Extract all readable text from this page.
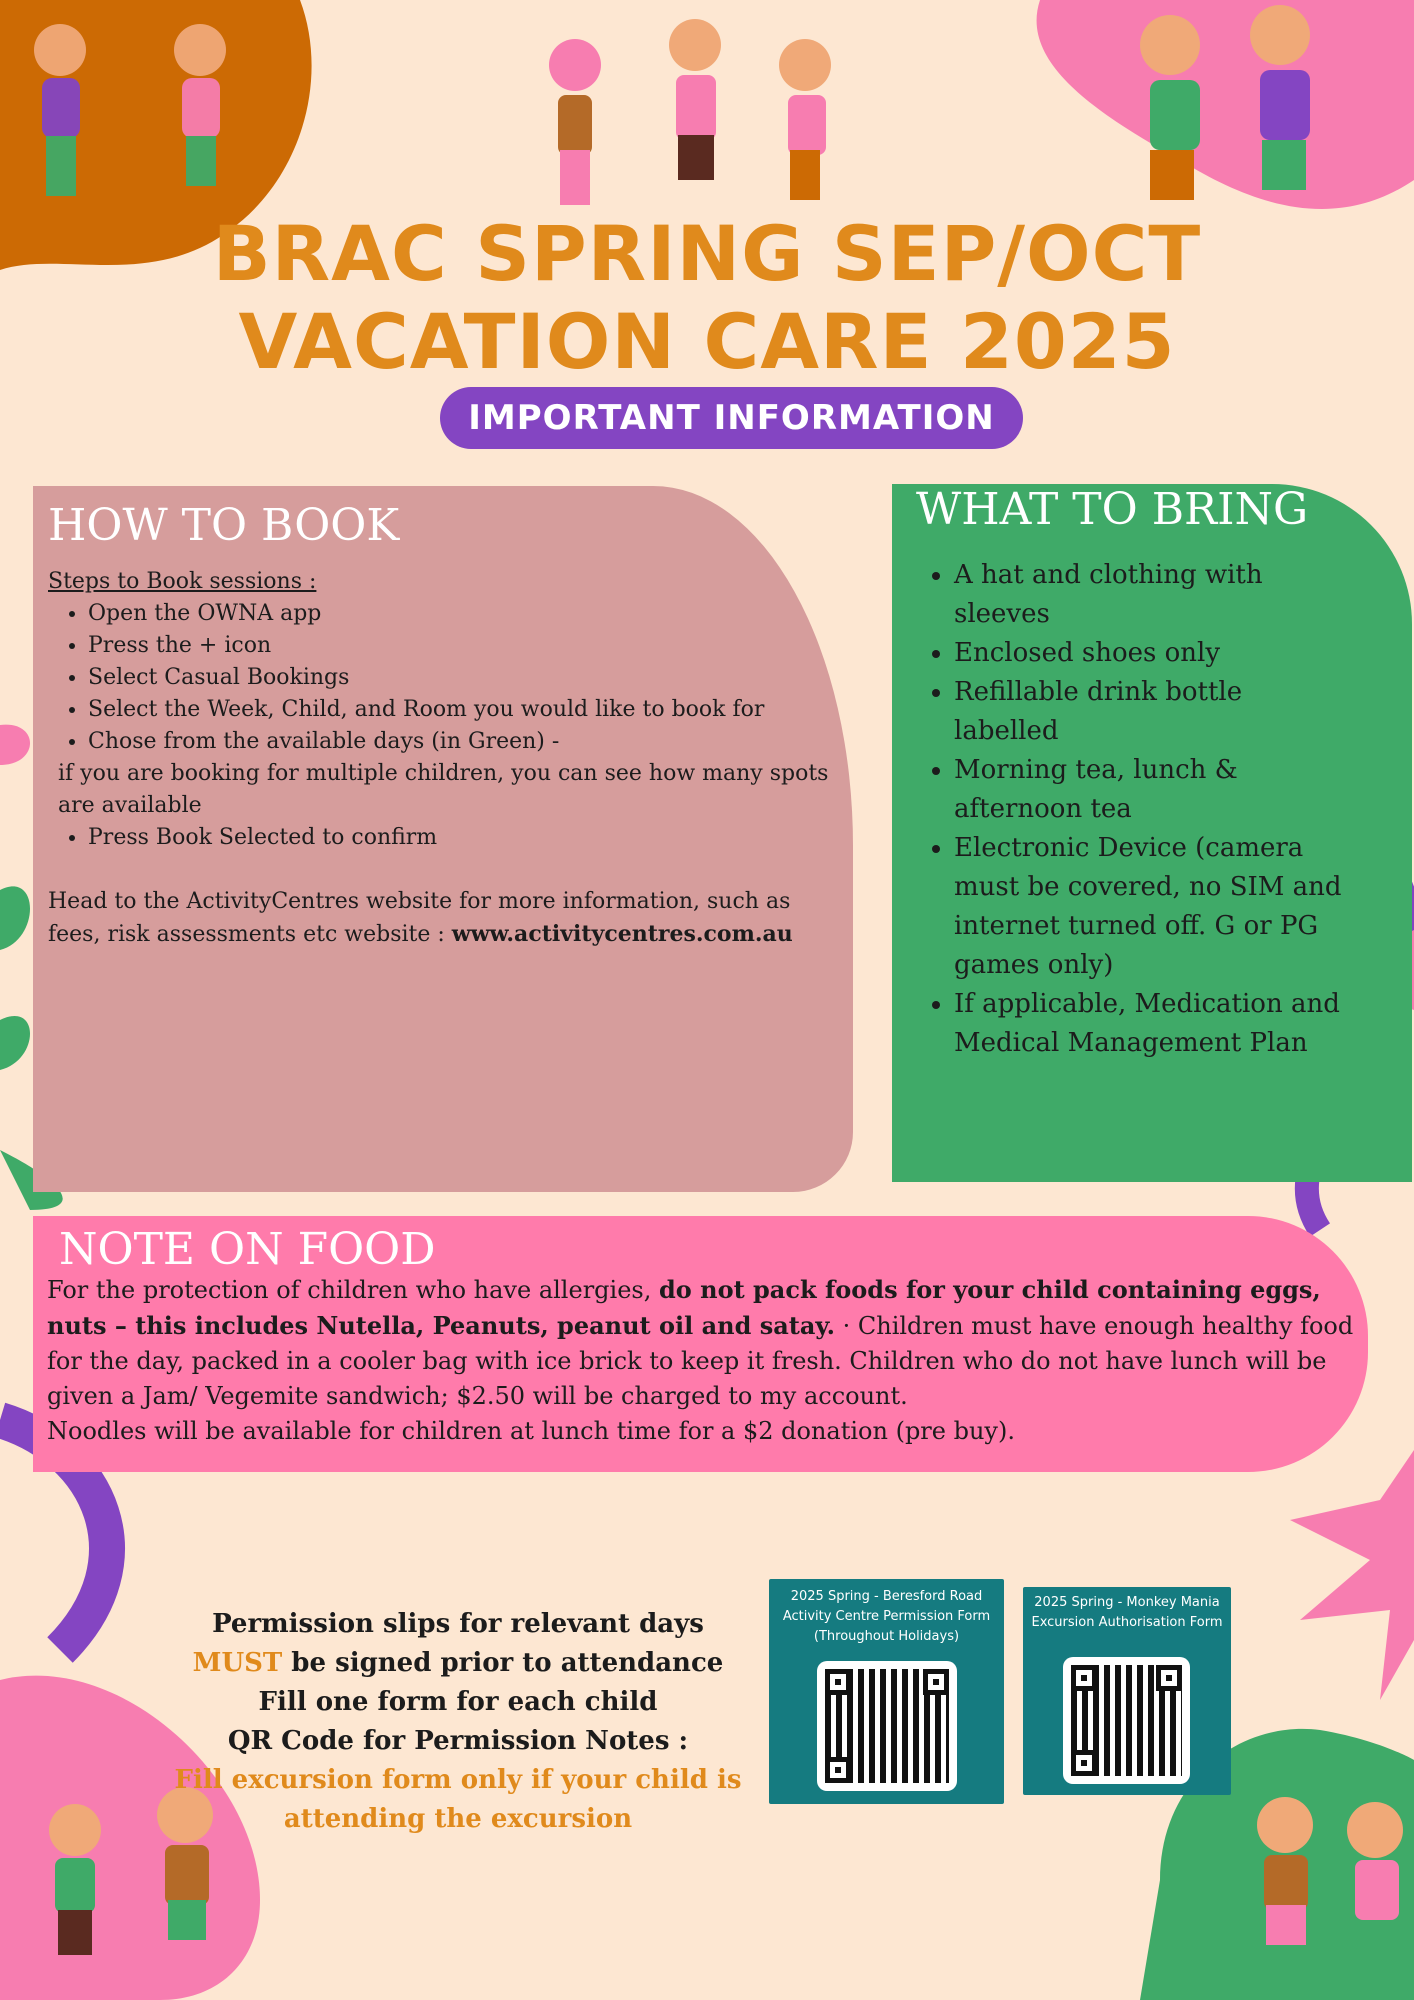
BRAC SPRING SEP/OCT
VACATION CARE 2025
IMPORTANT INFORMATION
HOW TO BOOK
Steps to Book sessions :
• Open the OWNA app
• Press the + icon
• Select Casual Bookings
• Select the Week, Child, and Room you would like to book for
• Chose from the available days (in Green) -
if you are booking for multiple children, you can see how many spots are available
• Press Book Selected to confirm
Head to the ActivityCentres website for more information, such as fees, risk assessments etc website : www.activitycentres.com.au
WHAT TO BRING
• A hat and clothing with sleeves
• Enclosed shoes only
• Refillable drink bottle labelled
• Morning tea, lunch & afternoon tea
• Electronic Device (camera must be covered, no SIM and internet turned off. G or PG games only)
• If applicable, Medication and Medical Management Plan
NOTE ON FOOD
For the protection of children who have allergies, do not pack foods for your child containing eggs, nuts – this includes Nutella, Peanuts, peanut oil and satay. · Children must have enough healthy food for the day, packed in a cooler bag with ice brick to keep it fresh. Children who do not have lunch will be given a Jam/ Vegemite sandwich; $2.50 will be charged to my account.
Noodles will be available for children at lunch time for a $2 donation (pre buy).
Permission slips for relevant days
MUST be signed prior to attendance
Fill one form for each child
QR Code for Permission Notes :
Fill excursion form only if your child is attending the excursion
2025 Spring - Beresford Road Activity Centre Permission Form (Throughout Holidays)
2025 Spring - Monkey Mania Excursion Authorisation Form
